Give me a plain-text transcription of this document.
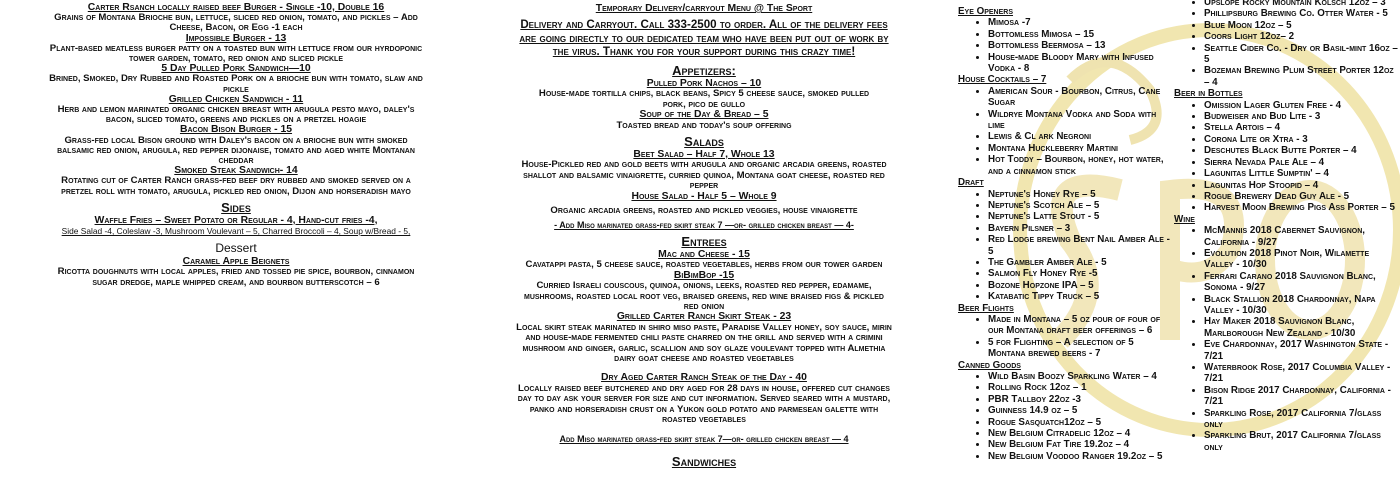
Carter Rsanch locally raised beef Burger - Single -10, Double 16
Grains of Montana Brioche bun, lettuce, sliced red onion, tomato, and pickles – Add Cheese, Bacon, or Egg -1 each
Impossible Burger - 13
Plant-based meatless burger patty on a toasted bun with lettuce from our hyrdoponic tower garden, tomato, red onion and sliced pickle
5 Day Pulled Pork Sandwich—10
Brined, Smoked, Dry Rubbed and Roasted Pork on a brioche bun with tomato, slaw and pickle
Grilled Chicken Sandwich - 11
Herb and lemon marinated organic chicken breast with arugula pesto mayo, daley's bacon, sliced tomato, greens and pickles on a pretzel hoagie
Bacon Bison Burger - 15
Grass-fed local Bison ground with Daley's bacon on a brioche bun with smoked balsamic red onion, arugula, red pepper dijonaise, tomato and aged white Montanan cheddar
Smoked Steak Sandwich- 14
Rotating cut of Carter Ranch grass-fed beef dry rubbed and smoked served on a pretzel roll with tomato, arugula, pickled red onion, Dijon and horseradish mayo
Sides
Waffle Fries – Sweet Potato or Regular - 4, Hand-cut fries -4,
Side Salad -4, Coleslaw -3, Mushroom Voulevant – 5, Charred Broccoli – 4, Soup w/Bread - 5,
Dessert
Caramel Apple Beignets
Ricotta doughnuts with local apples, fried and tossed pie spice, bourbon, cinnamon sugar dredge, maple whipped cream, and bourbon butterscotch – 6
Temporary Delivery/carryout Menu @ The Sport
Delivery and Carryout. Call 333-2500 to order. All of the delivery fees are going directly to our dedicated team who have been put out of work by the virus. Thank you for your support during this crazy time!
Appetizers:
Pulled Pork Nachos – 10
House-made tortilla chips, black beans, Spicy 5 cheese sauce, smoked pulled
pork, pico de gullo
Soup of the Day & Bread – 5
Toasted bread and today's soup offering
Salads
Beet Salad – Half 7, Whole 13
House-Pickled red and gold beets with arugula and organic arcadia greens, roasted shallot and balsamic vinaigrette, curried quinoa, Montana goat cheese, roasted red pepper
House Salad - Half 5 – Whole 9
Organic arcadia greens, roasted and pickled veggies, house vinaigrette
- Add Miso marinated grass-fed skirt steak 7 —or- grilled chicken breast — 4-
Entrees
Mac and Cheese - 15
Cavatappi pasta, 5 cheese sauce, roasted vegetables, herbs from our tower garden
BiBimBop -15
Curried Israeli couscous, quinoa, onions, leeks, roasted red pepper, edamame, mushrooms, roasted local root veg, braised greens, red wine braised figs & pickled red onion
Grilled Carter Ranch Skirt Steak - 23
Local skirt steak marinated in shiro miso paste, Paradise Valley honey, soy sauce, mirin and house-made fermented chili paste charred on the grill and served with a crimini mushroom and ginger, garlic, scallion and soy glaze voulevant topped with Almethia dairy goat cheese and roasted vegetables
Dry Aged Carter Ranch Steak of the Day - 40
Locally raised beef butchered and dry aged for 28 days in house, offered cut changes day to day ask your server for size and cut information. Served seared with a mustard, panko and horseradish crust on a Yukon gold potato and parmesean galette with roasted vegetables
Add Miso marinated grass-fed skirt steak 7—or- grilled chicken breast — 4
Sandwiches
Eye Openers
• Mimosa -7
• Bottomless Mimosa – 15
• Bottomless Beermosa – 13
• House-made Bloody Mary with Infused Vodka - 8
House Cocktails – 7
• American Sour - Bourbon, Citrus, Cane Sugar
• Wildrye Montana Vodka and Soda with lime
• Lewis & Cl ark Negroni
• Montana Huckleberry Martini
• Hot Toddy – Bourbon, honey, hot water, and a cinnamon stick
Draft
• Neptune's Honey Rye – 5
• Neptune's Scotch Ale – 5
• Neptune's Latte Stout - 5
• Bayern Pilsner – 3
• Red Lodge brewing Bent Nail Amber Ale - 5
• The Gambler Amber Ale - 5
• Salmon Fly Honey Rye -5
• Bozone Hopzone IPA – 5
• Katabatic Tippy Truck – 5
Beer Flights
• Made in Montana – 5 oz pour of four of our Montana draft beer offerings – 6
• 5 for Flighting – A selection of 5 Montana brewed beers - 7
Canned Goods
• Wild Basin Boozy Sparkling Water – 4
• Rolling Rock 12oz – 1
• PBR Tallboy 22oz -3
• Guinness 14.9 oz – 5
• Rogue Sasquatch12oz – 5
• New Belgium Citradelic 12oz – 4
• New Belgium Fat Tire 19.2oz – 4
• New Belgium Voodoo Ranger 19.2oz – 5
• Upslope Rocky Mountain Kolsch 12oz – 3
• Phillipsburg Brewing Co. Otter Water - 5
• Blue Moon 12oz – 5
• Coors Light 12oz– 2
• Seattle Cider Co. - Dry or Basil-mint 16oz – 5
• Bozeman Brewing Plum Street Porter 12oz – 4
Beer in Bottles
• Omission Lager Gluten Free - 4
• Budweiser and Bud Lite - 3
• Stella Artois – 4
• Corona Lite or Xtra - 3
• Deschutes Black Butte Porter – 4
• Sierra Nevada Pale Ale – 4
• Lagunitas Little Sumptin' – 4
• Lagunitas Hop Stoopid – 4
• Rogue Brewery Dead Guy Ale - 5
• Harvest Moon Brewing Pigs Ass Porter – 5
Wine
• McMannis 2018 Cabernet Sauvignon, California - 9/27
• Evolution 2018 Pinot Noir, Wilamette Valley - 10/30
• Ferrari Carano 2018 Sauvignon Blanc, Sonoma - 9/27
• Black Stallion 2018 Chardonnay, Napa Valley - 10/30
• Hay Maker 2018 Sauvignon Blanc, Marlborough New Zealand - 10/30
• Eve Chardonnay, 2017 Washington State - 7/21
• Waterbrook Rose, 2017 Columbia Valley - 7/21
• Bison Ridge 2017 Chardonnay, California - 7/21
• Sparkling Rose, 2017 California 7/glass only
• Sparkling Brut, 2017 California 7/glass only
